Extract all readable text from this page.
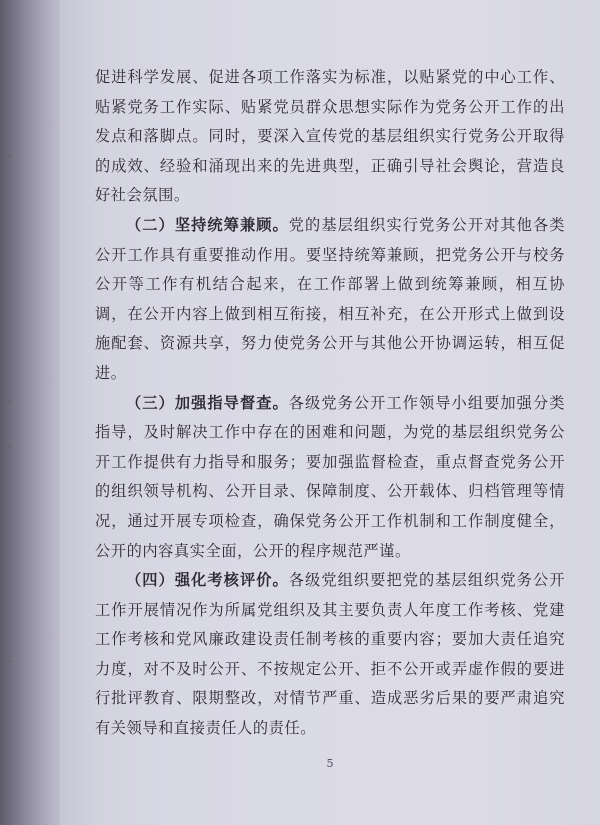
·
·
·
·

促进科学发展、促进各项工作落实为标准，以贴紧党的中心工作、贴紧党务工作实际、贴紧党员群众思想实际作为党务公开工作的出发点和落脚点。同时，要深入宣传党的基层组织实行党务公开取得的成效、经验和涌现出来的先进典型，正确引导社会舆论，营造良好社会氛围。

（二）坚持统筹兼顾。党的基层组织实行党务公开对其他各类公开工作具有重要推动作用。要坚持统筹兼顾，把党务公开与校务公开等工作有机结合起来，在工作部署上做到统筹兼顾，相互协调，在公开内容上做到相互衔接，相互补充，在公开形式上做到设施配套、资源共享，努力使党务公开与其他公开协调运转，相互促进。

（三）加强指导督查。各级党务公开工作领导小组要加强分类指导，及时解决工作中存在的困难和问题，为党的基层组织党务公开工作提供有力指导和服务；要加强监督检查，重点督查党务公开的组织领导机构、公开目录、保障制度、公开载体、归档管理等情况，通过开展专项检查，确保党务公开工作机制和工作制度健全，公开的内容真实全面，公开的程序规范严谨。

（四）强化考核评价。各级党组织要把党的基层组织党务公开工作开展情况作为所属党组织及其主要负责人年度工作考核、党建工作考核和党风廉政建设责任制考核的重要内容；要加大责任追究力度，对不及时公开、不按规定公开、拒不公开或弄虚作假的要进行批评教育、限期整改，对情节严重、造成恶劣后果的要严肃追究有关领导和直接责任人的责任。

5
